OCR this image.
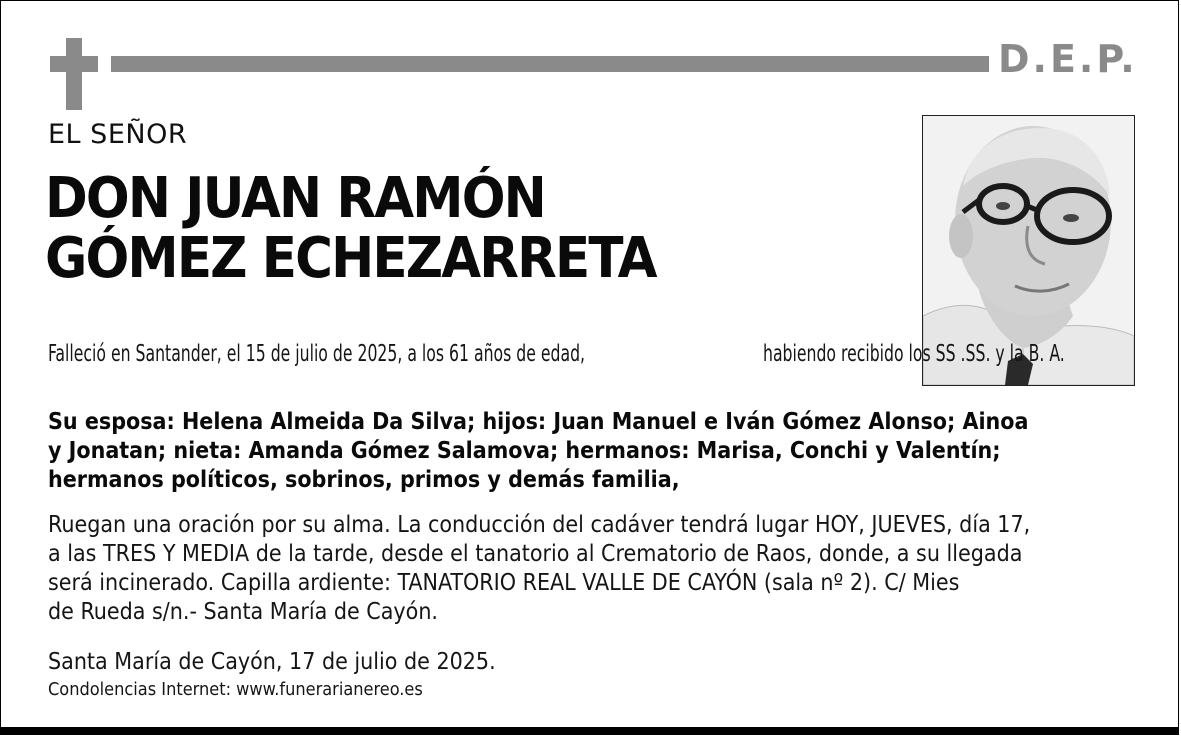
D.E.P.
EL SEÑOR
DON JUAN RAMÓN
GÓMEZ ECHEZARRETA
Falleció en Santander, el 15 de julio de 2025, a los 61 años de edad,	habiendo recibido los SS .SS. y la B. A.
Su esposa: Helena Almeida Da Silva; hijos: Juan Manuel e Iván Gómez Alonso; Ainoa
y Jonatan; nieta: Amanda Gómez Salamova; hermanos: Marisa, Conchi y Valentín;
hermanos políticos, sobrinos, primos y demás familia,
Ruegan una oración por su alma. La conducción del cadáver tendrá lugar HOY, JUEVES, día 17,
a las TRES Y MEDIA de la tarde, desde el tanatorio al Crematorio de Raos, donde, a su llegada
será incinerado. Capilla ardiente: TANATORIO REAL VALLE DE CAYÓN (sala nº 2). C/ Mies
de Rueda s/n.- Santa María de Cayón.
Santa María de Cayón, 17 de julio de 2025.
Condolencias Internet: www.funerarianereo.es
